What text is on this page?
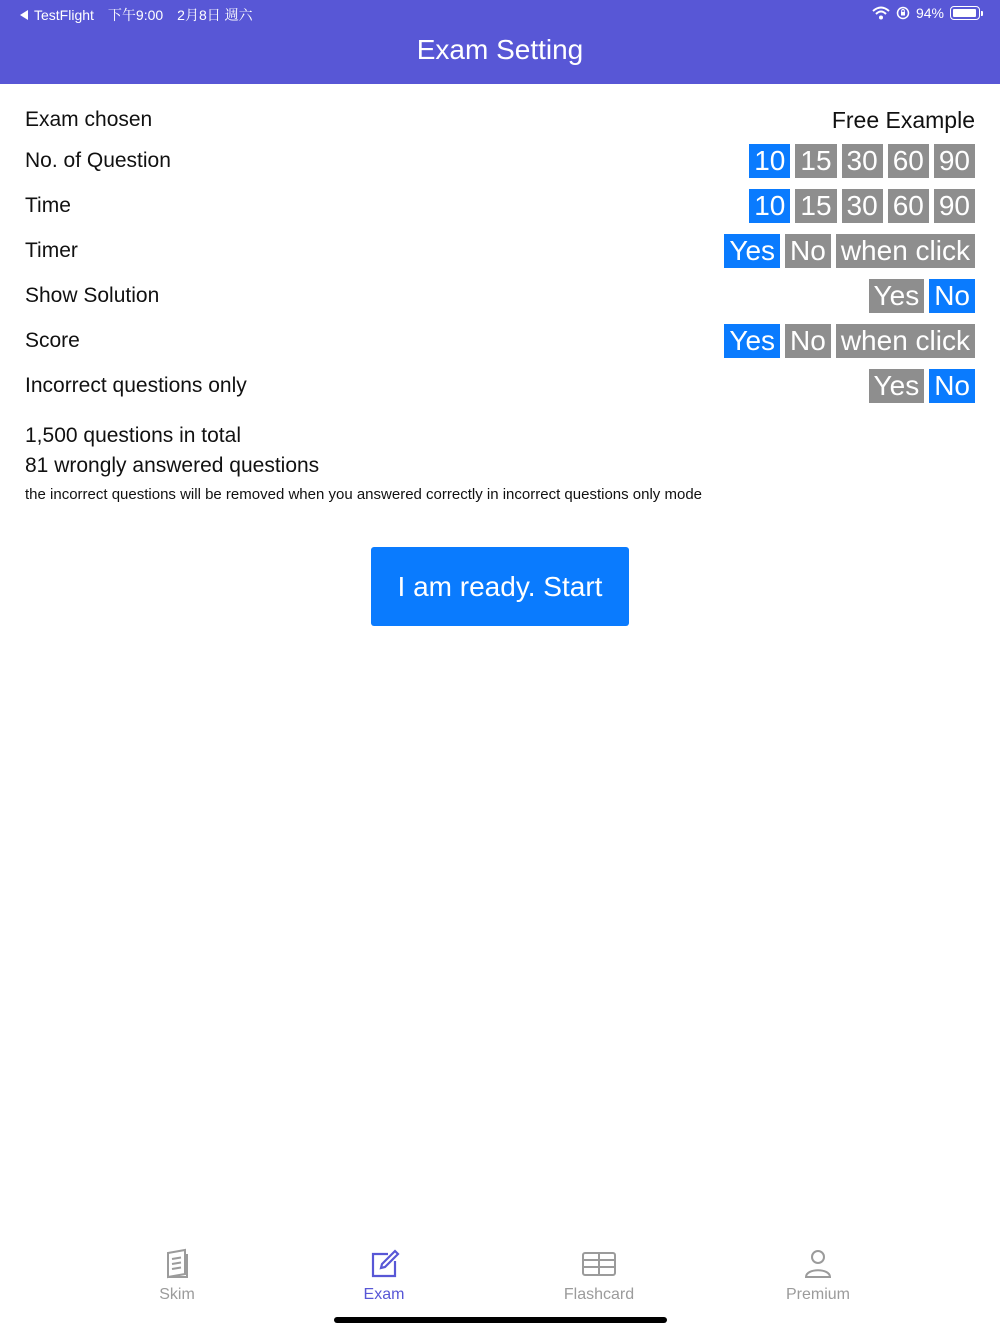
TestFlight 下午9:00 2月8日 週六	94%
Exam Setting
Exam chosen	Free Example
No. of Question	10 15 30 60 90
Time	10 15 30 60 90
Timer	Yes No when click
Show Solution	Yes No
Score	Yes No when click
Incorrect questions only	Yes No
1,500 questions in total
81 wrongly answered questions
the incorrect questions will be removed when you answered correctly in incorrect questions only mode
I am ready. Start
Skim	Exam	Flashcard	Premium
